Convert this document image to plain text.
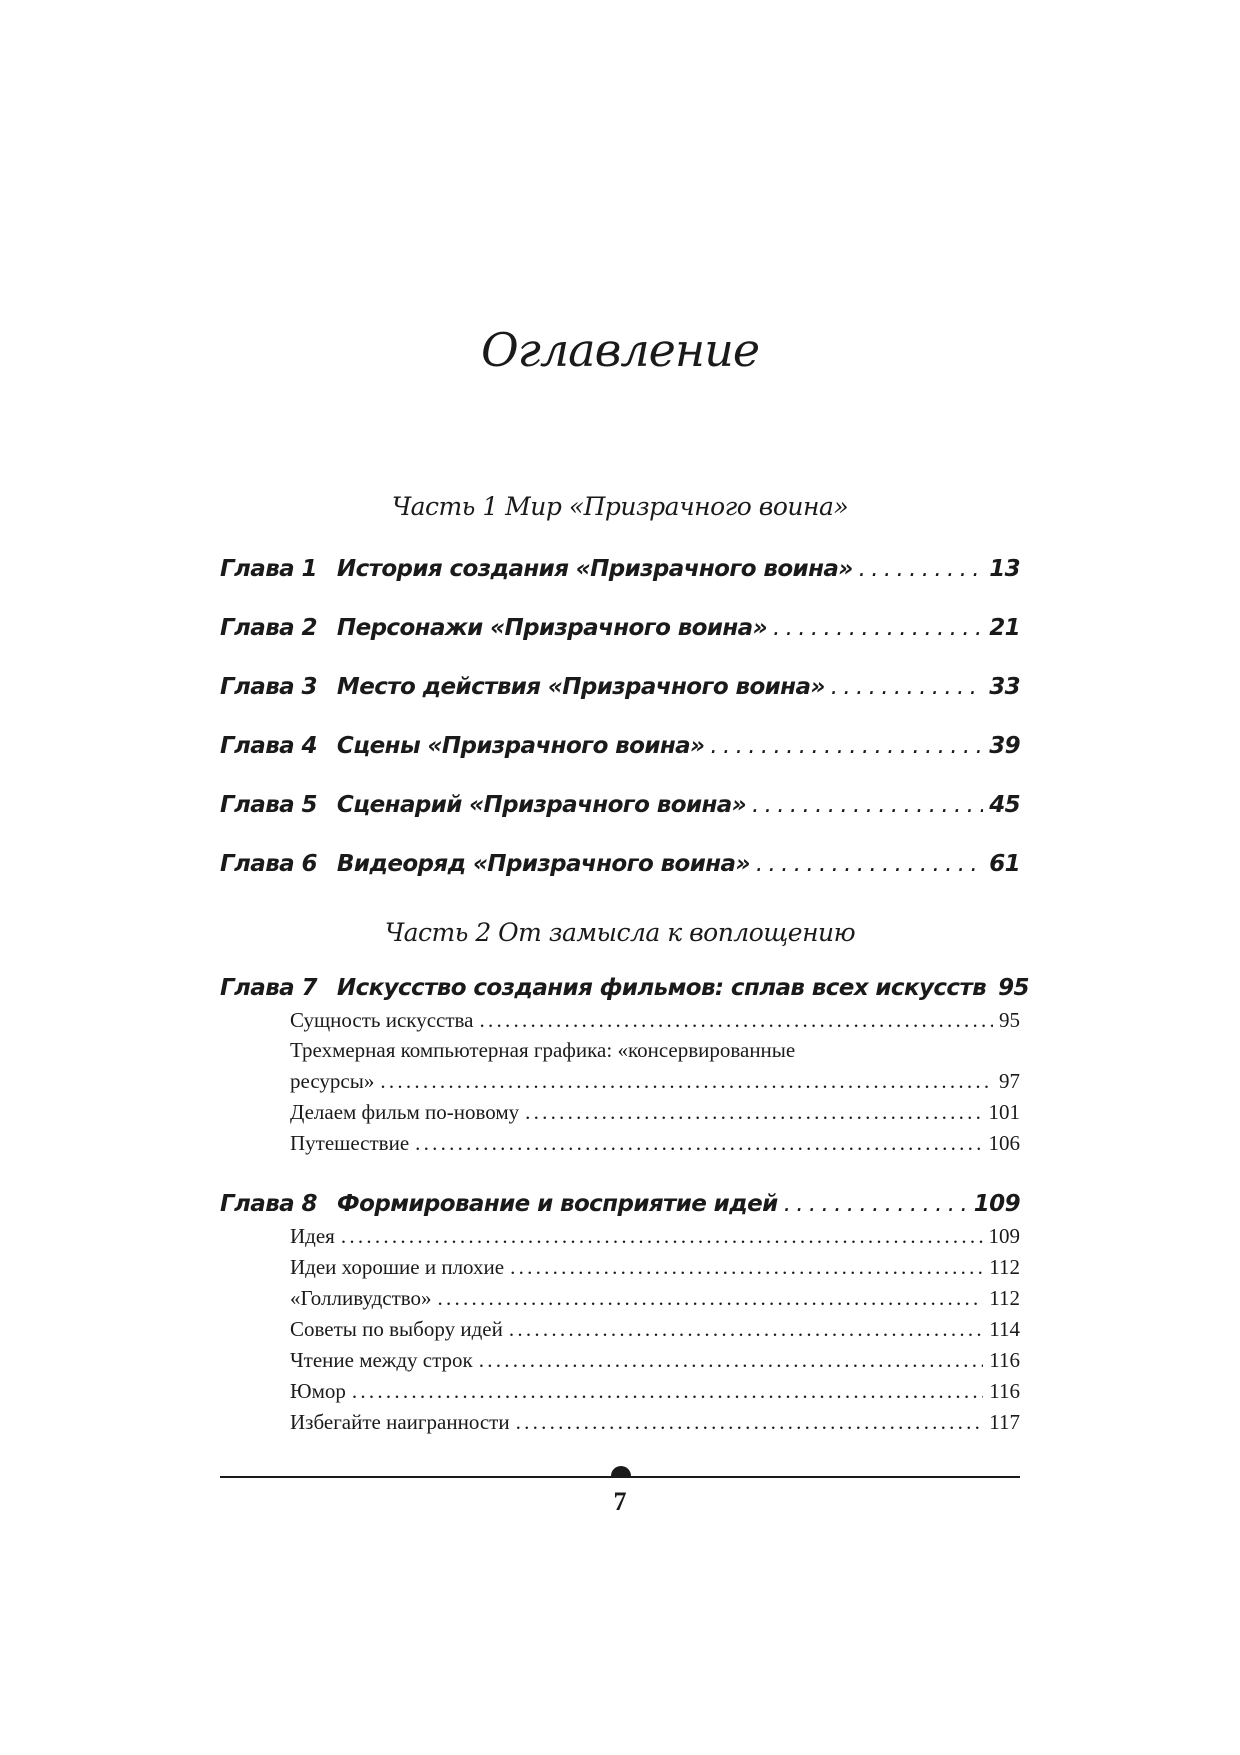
Оглавление
Часть 1 Мир «Призрачного воина»
Глава 1 История создания «Призрачного воина» . . .	13
Глава 2 Персонажи «Призрачного воина» . . .	21
Глава 3 Место действия «Призрачного воина» . . .	33
Глава 4 Сцены «Призрачного воина» . . .	39
Глава 5 Сценарий «Призрачного воина» . . .	45
Глава 6 Видеоряд «Призрачного воина» . . .	61
Часть 2 От замысла к воплощению
Глава 7 Искусство создания фильмов: сплав всех искусств 95
Сущность искусства . . .	95
Трехмерная компьютерная графика: «консервированные
ресурсы» . . .	97
Делаем фильм по-новому . . .	101
Путешествие . . .	106
Глава 8 Формирование и восприятие идей . . .	109
Идея . . .	109
Идеи хорошие и плохие . . .	112
«Голливудство» . . .	112
Советы по выбору идей . . .	114
Чтение между строк . . .	116
Юмор . . .	116
Избегайте наигранности . . .	117
7
